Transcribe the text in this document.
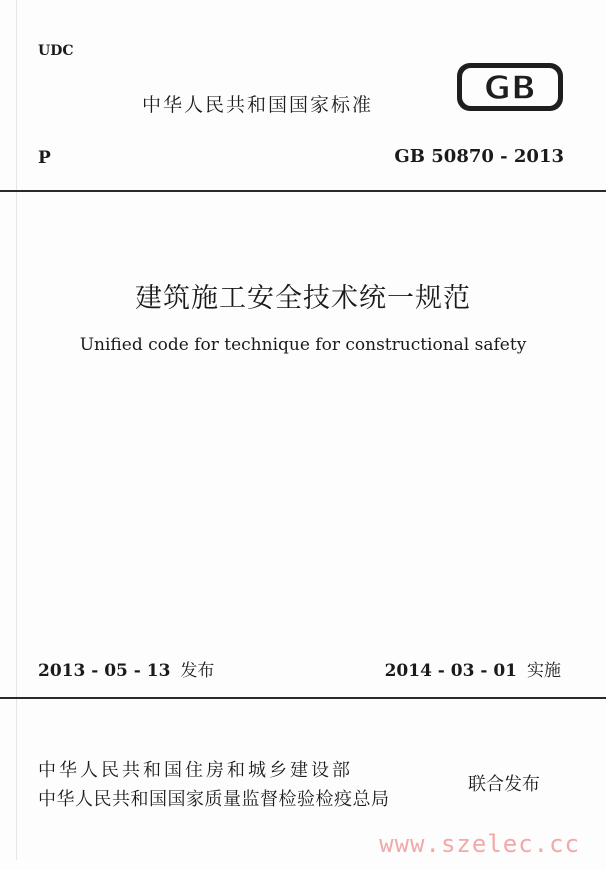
UDC
中华人民共和国国家标准	GB
P	GB 50870 - 2013
建筑施工安全技术统一规范
Unified code for technique for constructional safety
2013 - 05 - 13 发布	2014 - 03 - 01 实施
中华人民共和国住房和城乡建设部
中华人民共和国国家质量监督检验检疫总局
联合发布
www.szelec.cc
